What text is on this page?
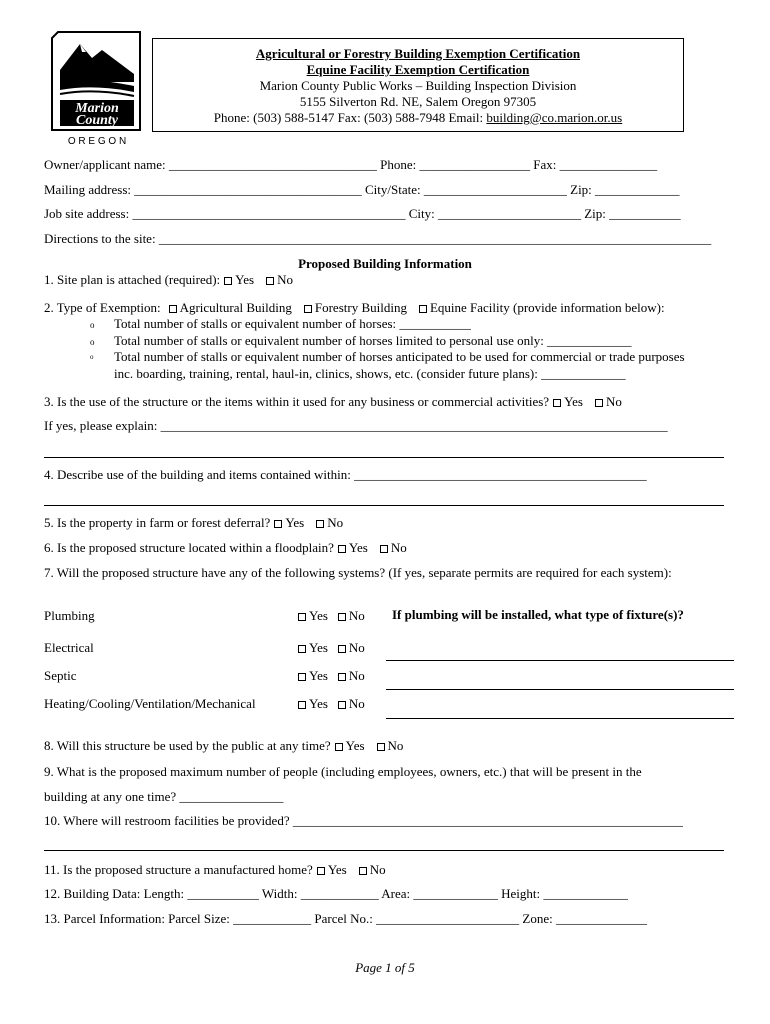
Marion
County
O R E G O N
Agricultural or Forestry Building Exemption Certification
Equine Facility Exemption Certification
Marion County Public Works – Building Inspection Division
5155 Silverton Rd. NE, Salem Oregon 97305
Phone: (503) 588-5147 Fax: (503) 588-7948 Email: building@co.marion.or.us
Owner/applicant name: ________________________________ Phone: _________________ Fax: _______________
Mailing address: ___________________________________ City/State: ______________________ Zip: _____________
Job site address: __________________________________________ City: ______________________ Zip: ___________
Directions to the site: _____________________________________________________________________________________
Proposed Building Information
1. Site plan is attached (required): Yes No
2. Type of Exemption: Agricultural Building Forestry Building Equine Facility (provide information below):
o Total number of stalls or equivalent number of horses: ___________
o Total number of stalls or equivalent number of horses limited to personal use only: _____________
o Total number of stalls or equivalent number of horses anticipated to be used for commercial or trade purposes
inc. boarding, training, rental, haul-in, clinics, shows, etc. (consider future plans): _____________
3. Is the use of the structure or the items within it used for any business or commercial activities? Yes No
If yes, please explain: ______________________________________________________________________________
4. Describe use of the building and items contained within: _____________________________________________
5. Is the property in farm or forest deferral? Yes No
6. Is the proposed structure located within a floodplain? Yes No
7. Will the proposed structure have any of the following systems? (If yes, separate permits are required for each system):
Plumbing
Electrical
Septic
Heating/Cooling/Ventilation/Mechanical
Yes No
Yes No
Yes No
Yes No
If plumbing will be installed, what type of fixture(s)?
8. Will this structure be used by the public at any time? Yes No
9. What is the proposed maximum number of people (including employees, owners, etc.) that will be present in the
building at any one time? ________________
10. Where will restroom facilities be provided? ____________________________________________________________
11. Is the proposed structure a manufactured home? Yes No
12. Building Data: Length: ___________ Width: ____________ Area: _____________ Height: _____________
13. Parcel Information: Parcel Size: ____________ Parcel No.: ______________________ Zone: ______________
Page 1 of 5
